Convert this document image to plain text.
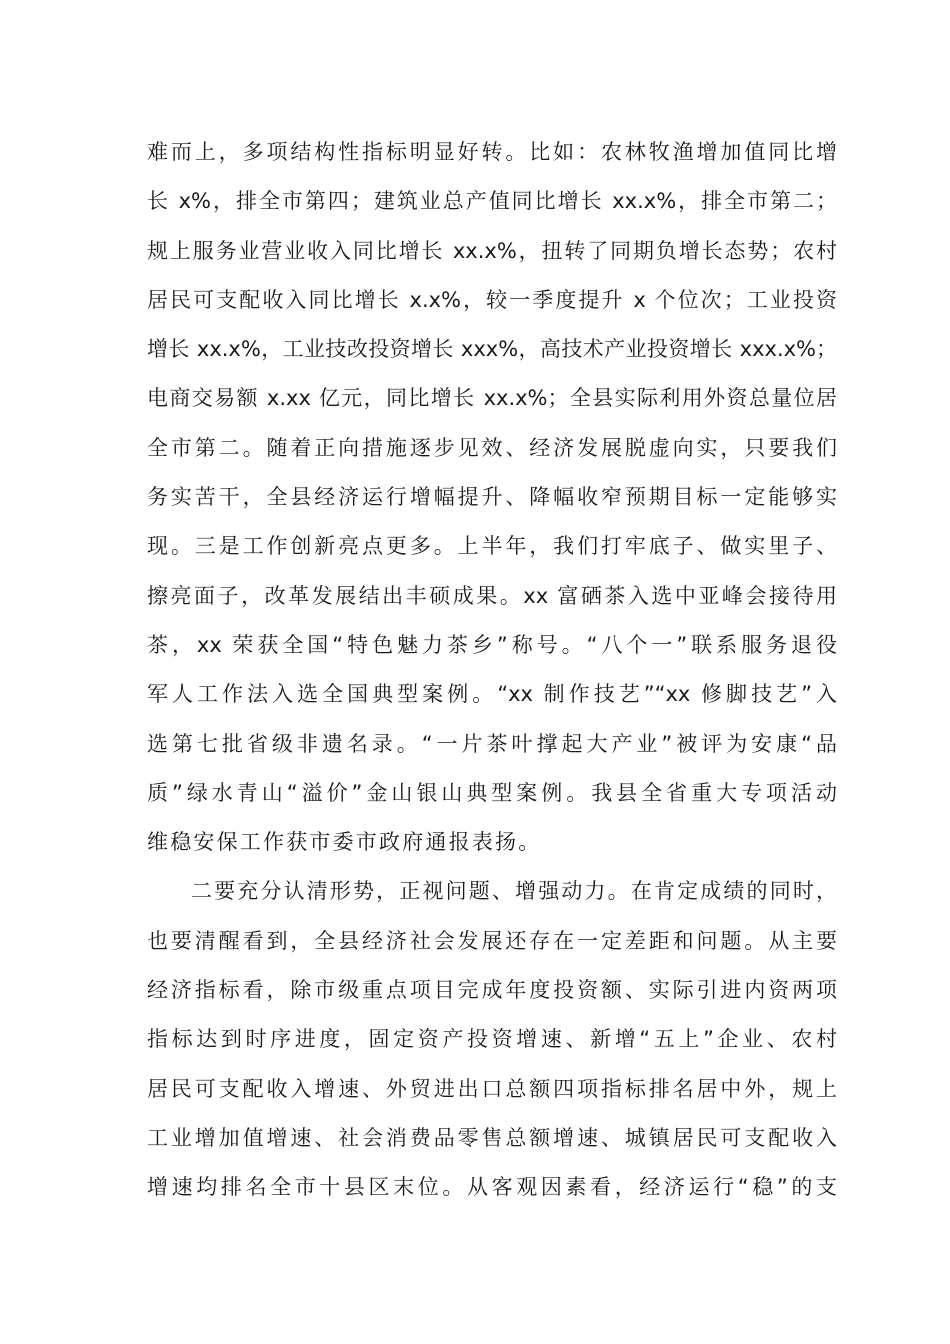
难而上，多项结构性指标明显好转。比如：农林牧渔增加值同比增
长 x%，排全市第四；建筑业总产值同比增长 xx.x%，排全市第二；
规上服务业营业收入同比增长 xx.x%，扭转了同期负增长态势；农村
居民可支配收入同比增长 x.x%，较一季度提升 x 个位次；工业投资
增长 xx.x%，工业技改投资增长 xxx%，高技术产业投资增长 xxx.x%；
电商交易额 x.xx 亿元，同比增长 xx.x%；全县实际利用外资总量位居
全市第二。随着正向措施逐步见效、经济发展脱虚向实，只要我们
务实苦干，全县经济运行增幅提升、降幅收窄预期目标一定能够实
现。三是工作创新亮点更多。上半年，我们打牢底子、做实里子、
擦亮面子，改革发展结出丰硕成果。xx 富硒茶入选中亚峰会接待用
茶，xx 荣获全国“特色魅力茶乡”称号。“八个一”联系服务退役
军人工作法入选全国典型案例。“xx 制作技艺”“xx 修脚技艺”入
选第七批省级非遗名录。“一片茶叶撑起大产业”被评为安康“品
质”绿水青山“溢价”金山银山典型案例。我县全省重大专项活动
维稳安保工作获市委市政府通报表扬。
二要充分认清形势，正视问题、增强动力。在肯定成绩的同时，
也要清醒看到，全县经济社会发展还存在一定差距和问题。从主要
经济指标看，除市级重点项目完成年度投资额、实际引进内资两项
指标达到时序进度，固定资产投资增速、新增“五上”企业、农村
居民可支配收入增速、外贸进出口总额四项指标排名居中外，规上
工业增加值增速、社会消费品零售总额增速、城镇居民可支配收入
增速均排名全市十县区末位。从客观因素看，经济运行“稳”的支
